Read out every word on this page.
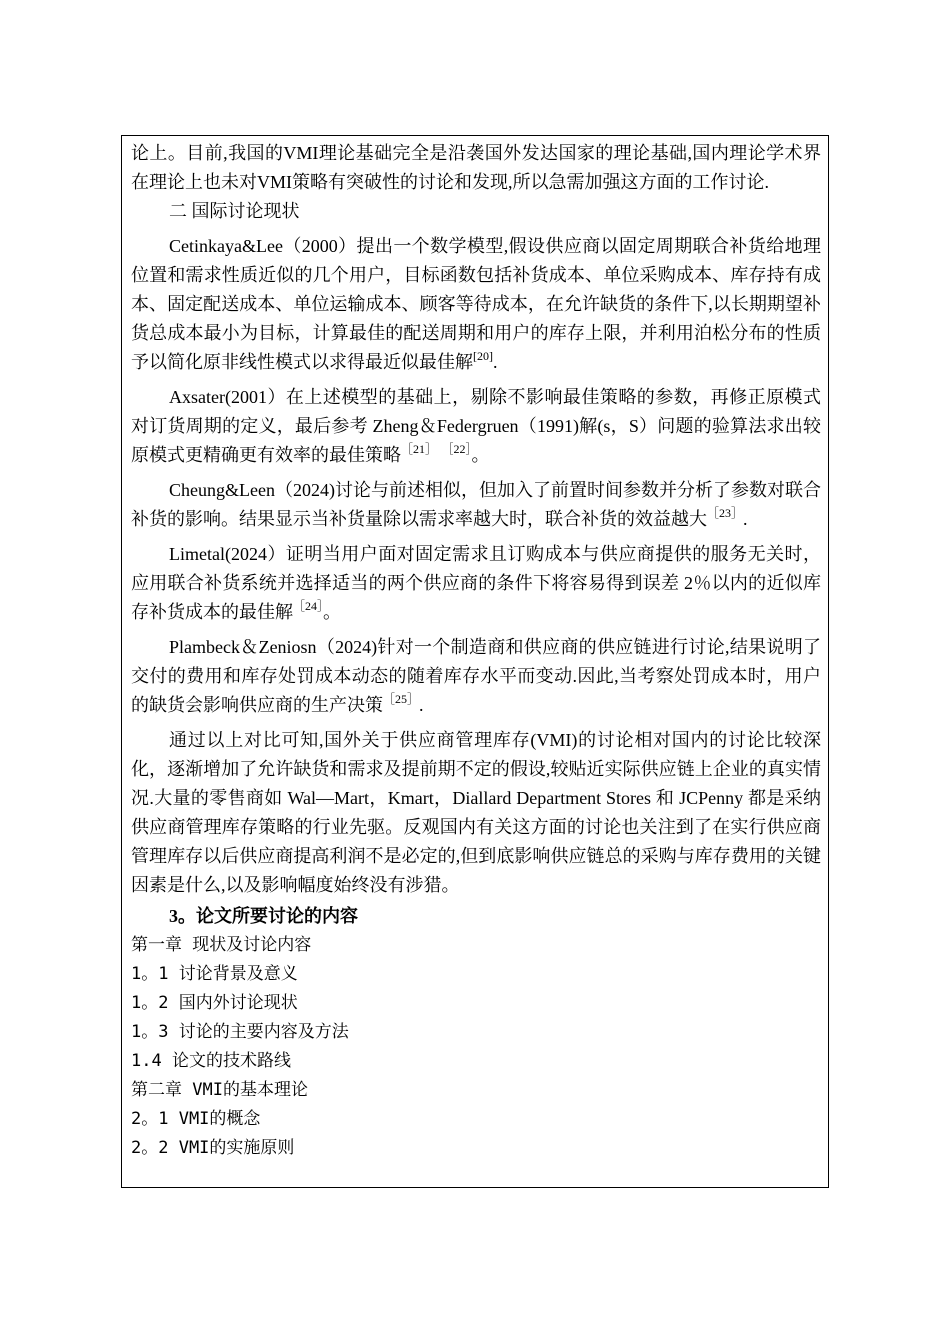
论上。目前,我国的VMI理论基础完全是沿袭国外发达国家的理论基础,国内理论学术界在理论上也未对VMI策略有突破性的讨论和发现,所以急需加强这方面的工作讨论.

二 国际讨论现状

Cetinkaya&Lee（2000）提出一个数学模型,假设供应商以固定周期联合补货给地理位置和需求性质近似的几个用户，目标函数包括补货成本、单位采购成本、库存持有成本、固定配送成本、单位运输成本、顾客等待成本，在允许缺货的条件下,以长期期望补货总成本最小为目标，计算最佳的配送周期和用户的库存上限，并利用泊松分布的性质予以简化原非线性模式以求得最近似最佳解[20].

Axsater(2001）在上述模型的基础上，剔除不影响最佳策略的参数，再修正原模式对订货周期的定义，最后参考 Zheng＆Federgruen（1991)解(s，S）问题的验算法求出较原模式更精确更有效率的最佳策略$^{[21]}$ $^{[22]}$。

Cheung&Leen（2024)讨论与前述相似，但加入了前置时间参数并分析了参数对联合补货的影响。结果显示当补货量除以需求率越大时，联合补货的效益越大$^{[23]}$.

Limetal(2024）证明当用户面对固定需求且订购成本与供应商提供的服务无关时，应用联合补货系统并选择适当的两个供应商的条件下将容易得到误差 2％以内的近似库存补货成本的最佳解$^{[24]}$。

Plambeck＆Zeniosn（2024)针对一个制造商和供应商的供应链进行讨论,结果说明了交付的费用和库存处罚成本动态的随着库存水平而变动.因此,当考察处罚成本时，用户的缺货会影响供应商的生产决策$^{[25]}$.

通过以上对比可知,国外关于供应商管理库存(VMI)的讨论相对国内的讨论比较深化，逐渐增加了允许缺货和需求及提前期不定的假设,较贴近实际供应链上企业的真实情况.大量的零售商如 Wal—Mart，Kmart，Diallard Department Stores 和 JCPenny 都是采纳供应商管理库存策略的行业先驱。反观国内有关这方面的讨论也关注到了在实行供应商管理库存以后供应商提高利润不是必定的,但到底影响供应链总的采购与库存费用的关键因素是什么,以及影响幅度始终没有涉猎。

3。论文所要讨论的内容

第一章 现状及讨论内容

1。1 讨论背景及意义

1。2 国内外讨论现状

1。3 讨论的主要内容及方法

1.4 论文的技术路线

第二章 VMI的基本理论

2。1 VMI的概念

2。2 VMI的实施原则
